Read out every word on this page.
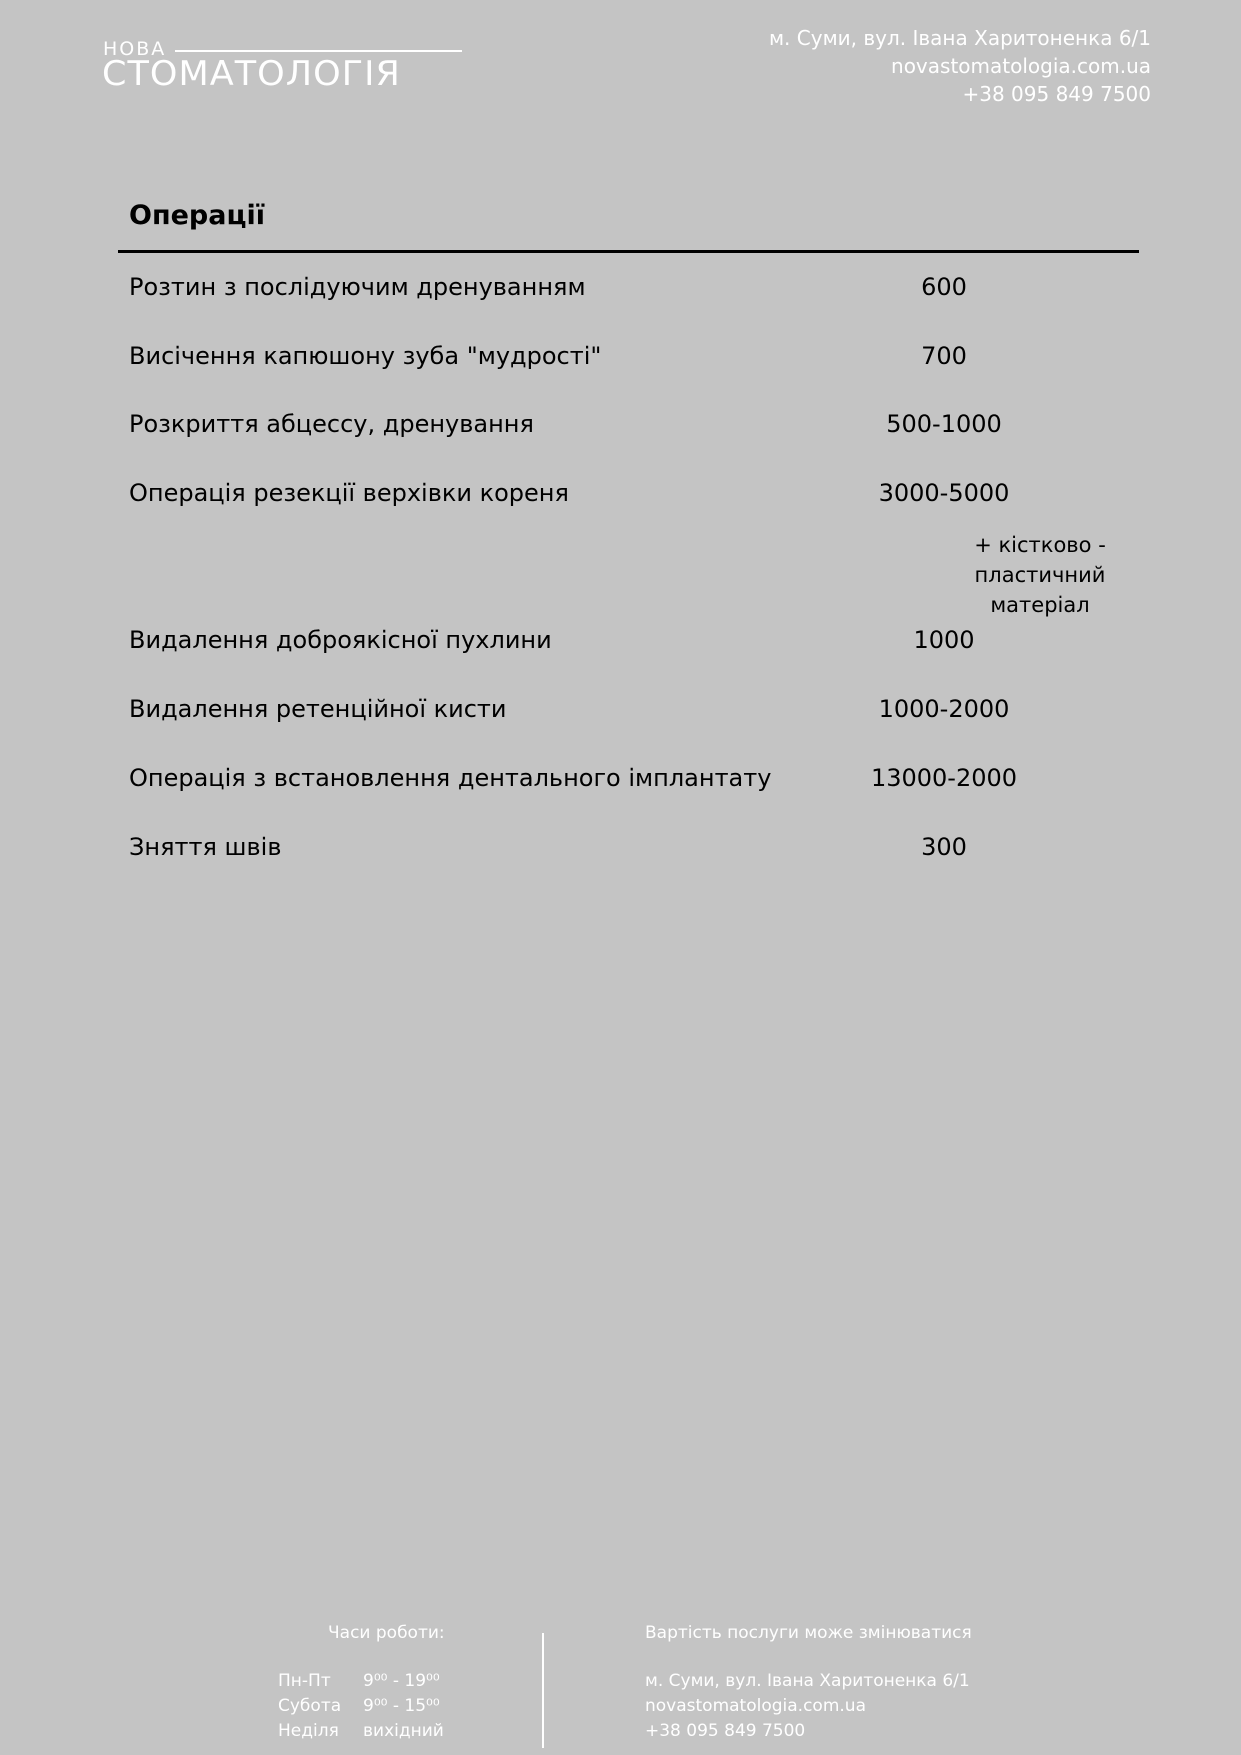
НОВА
СТОМАТОЛОГІЯ
м. Суми, вул. Івана Харитоненка 6/1
novastomatologia.com.ua
+38 095 849 7500
Операції
Розтин з послідуючим дренуванням	600
Висічення капюшону зуба "мудрості"	700
Розкриття абцессу, дренування	500-1000
Операція резекції верхівки кореня	3000-5000
+ кістково -
пластичний матеріал
Видалення доброякісної пухлини	1000
Видалення ретенційної кисти	1000-2000
Операція з встановлення дентального імплантату	13000-2000
Зняття швів	300
Часи роботи:
Пн-Пт 9⁰⁰ - 19⁰⁰
Субота 9⁰⁰ - 15⁰⁰
Неділя вихідний
Вартість послуги може змінюватися
м. Суми, вул. Івана Харитоненка 6/1
novastomatologia.com.ua
+38 095 849 7500
